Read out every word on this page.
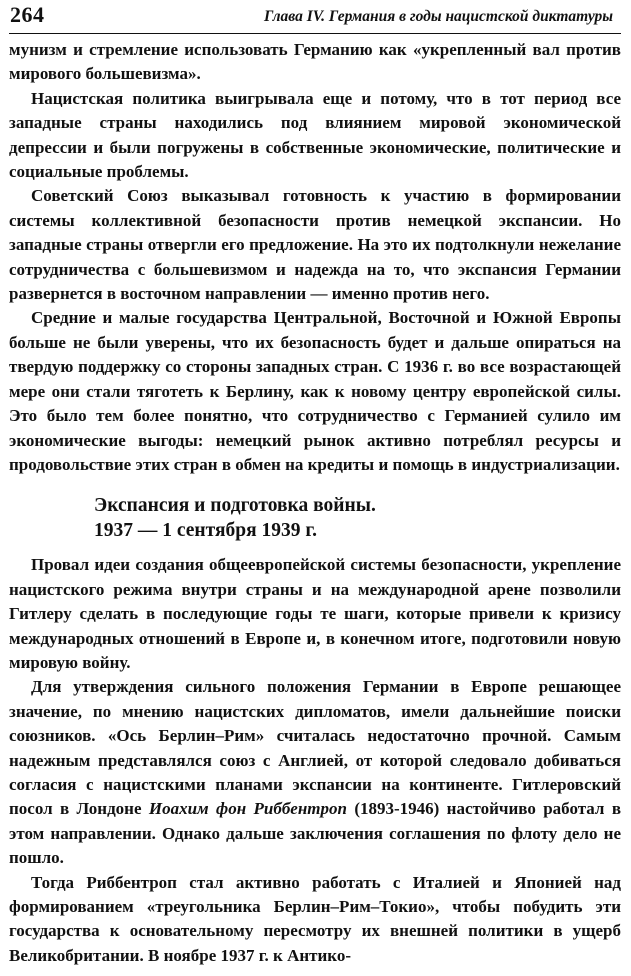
264	Глава IV. Германия в годы нацистской диктатуры

мунизм и стремление использовать Германию как «укрепленный вал против мирового большевизма».

Нацистская политика выигрывала еще и потому, что в тот период все западные страны находились под влиянием мировой экономической депрессии и были погружены в собственные экономические, политические и социальные проблемы.

Советский Союз выказывал готовность к участию в формировании системы коллективной безопасности против немецкой экспансии. Но западные страны отвергли его предложение. На это их подтолкнули нежелание сотрудничества с большевизмом и надежда на то, что экспансия Германии развернется в восточном направлении — именно против него.

Средние и малые государства Центральной, Восточной и Южной Европы больше не были уверены, что их безопасность будет и дальше опираться на твердую поддержку со стороны западных стран. С 1936 г. во все возрастающей мере они стали тяготеть к Берлину, как к новому центру европейской силы. Это было тем более понятно, что сотрудничество с Германией сулило им экономические выгоды: немецкий рынок активно потреблял ресурсы и продовольствие этих стран в обмен на кредиты и помощь в индустриализации.

Экспансия и подготовка войны.
1937 — 1 сентября 1939 г.

Провал идеи создания общеевропейской системы безопасности, укрепление нацистского режима внутри страны и на международной арене позволили Гитлеру сделать в последующие годы те шаги, которые привели к кризису международных отношений в Европе и, в конечном итоге, подготовили новую мировую войну.

Для утверждения сильного положения Германии в Европе решающее значение, по мнению нацистских дипломатов, имели дальнейшие поиски союзников. «Ось Берлин–Рим» считалась недостаточно прочной. Самым надежным представлялся союз с Англией, от которой следовало добиваться согласия с нацистскими планами экспансии на континенте. Гитлеровский посол в Лондоне Иоахим фон Риббентроп (1893-1946) настойчиво работал в этом направлении. Однако дальше заключения соглашения по флоту дело не пошло.

Тогда Риббентроп стал активно работать с Италией и Японией над формированием «треугольника Берлин–Рим–Токио», чтобы побудить эти государства к основательному пересмотру их внешней политики в ущерб Великобритании. В ноябре 1937 г. к Антико-
